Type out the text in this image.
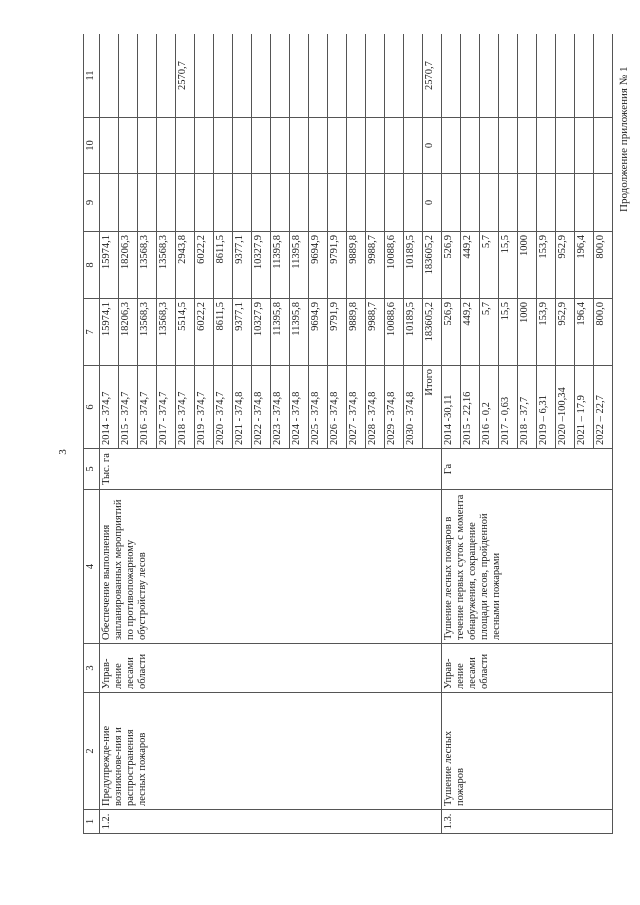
3
Продолжение приложения № 1
1	2	3	4	5	6	7	8	9	10	11
1.2.	Предупрежде-ние возникнове-ния и распространения лесных пожаров	Управ-ление лесами области	Обеспечение выполнения запланированных мероприятий по противопожарному обустройству лесов	Тыс. га	2014 - 374,7	15974,1	15974,1			
					2015 - 374,7	18206,3	18206,3			
					2016 - 374,7	13568,3	13568,3			
					2017 - 374,7	13568,3	13568,3			
					2018 - 374,7	5514,5	2943,8			2570,7
					2019 - 374,7	6022,2	6022,2			
					2020 - 374,7	8611,5	8611,5			
					2021 - 374,8	9377,1	9377,1			
					2022 - 374,8	10327,9	10327,9			
					2023 - 374,8	11395,8	11395,8			
					2024 - 374,8	11395,8	11395,8			
					2025 - 374,8	9694,9	9694,9			
					2026 - 374,8	9791,9	9791,9			
					2027 - 374,8	9889,8	9889,8			
					2028 - 374,8	9988,7	9988,7			
					2029 - 374,8	10088,6	10088,6			
					2030 - 374,8	10189,5	10189,5			
					Итого	183605,2	183605,2	0	0	2570,7
1.3.	Тушение лесных пожаров	Управ-ление лесами области	Тушение лесных пожаров в течение первых суток с момента обнаружения, сокращение площади лесов, пройденной лесными пожарами	Га	2014 -30,11	526,9	526,9			
					2015 - 22,16	449,2	449,2			
					2016 - 0,2	5,7	5,7			
					2017 - 0,63	15,5	15,5			
					2018 - 37,7	1000	1000			
					2019 – 6,31	153,9	153,9			
					2020 –100,34	952,9	952,9			
					2021 – 17,9	196,4	196,4			
					2022 – 22,7	800,0	800,0			
